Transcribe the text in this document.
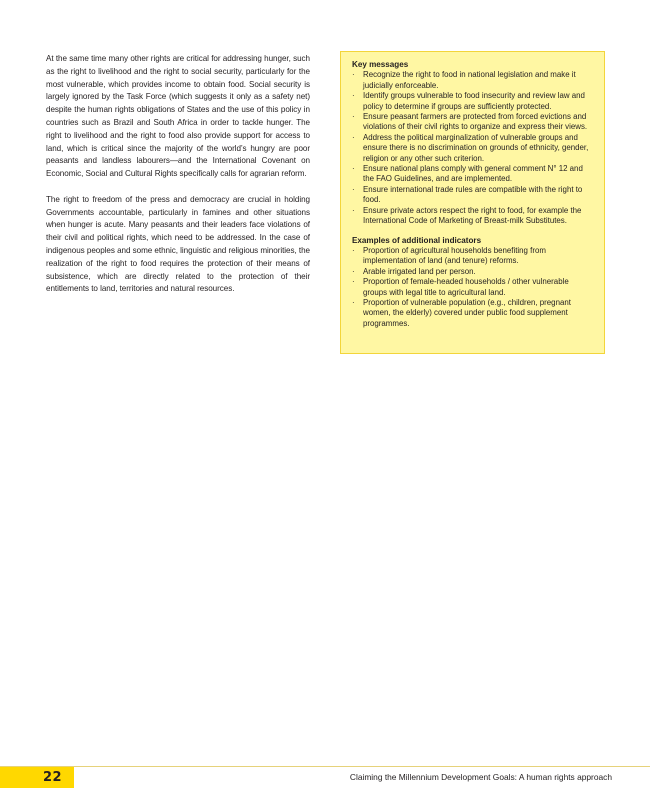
At the same time many other rights are critical for addressing hunger, such as the right to livelihood and the right to social security, particularly for the most vulnerable, which provides income to obtain food. Social security is largely ignored by the Task Force (which suggests it only as a safety net) despite the human rights obligations of States and the use of this policy in countries such as Brazil and South Africa in order to tackle hunger. The right to livelihood and the right to food also provide support for access to land, which is critical since the majority of the world’s hungry are poor peasants and landless labourers—and the International Covenant on Economic, Social and Cultural Rights specifically calls for agrarian reform.

The right to freedom of the press and democracy are crucial in holding Governments accountable, particularly in famines and other situations when hunger is acute. Many peasants and their leaders face violations of their civil and political rights, which need to be addressed. In the case of indigenous peoples and some ethnic, linguistic and religious minorities, the realization of the right to food requires the protection of their means of subsistence, which are directly related to the protection of their entitlements to land, territories and natural resources.

Key messages
· Recognize the right to food in national legislation and make it judicially enforceable.
· Identify groups vulnerable to food insecurity and review law and policy to determine if groups are sufficiently protected.
· Ensure peasant farmers are protected from forced evictions and violations of their civil rights to organize and express their views.
· Address the political marginalization of vulnerable groups and ensure there is no discrimination on grounds of ethnicity, gender, religion or any other such criterion.
· Ensure national plans comply with general comment N° 12 and the FAO Guidelines, and are implemented.
· Ensure international trade rules are compatible with the right to food.
· Ensure private actors respect the right to food, for example the International Code of Marketing of Breast-milk Substitutes.
Examples of additional indicators
· Proportion of agricultural households benefiting from implementation of land (and tenure) reforms.
· Arable irrigated land per person.
· Proportion of female-headed households / other vulnerable groups with legal title to agricultural land.
· Proportion of vulnerable population (e.g., children, pregnant women, the elderly) covered under public food supplement programmes.
22	Claiming the Millennium Development Goals: A human rights approach
